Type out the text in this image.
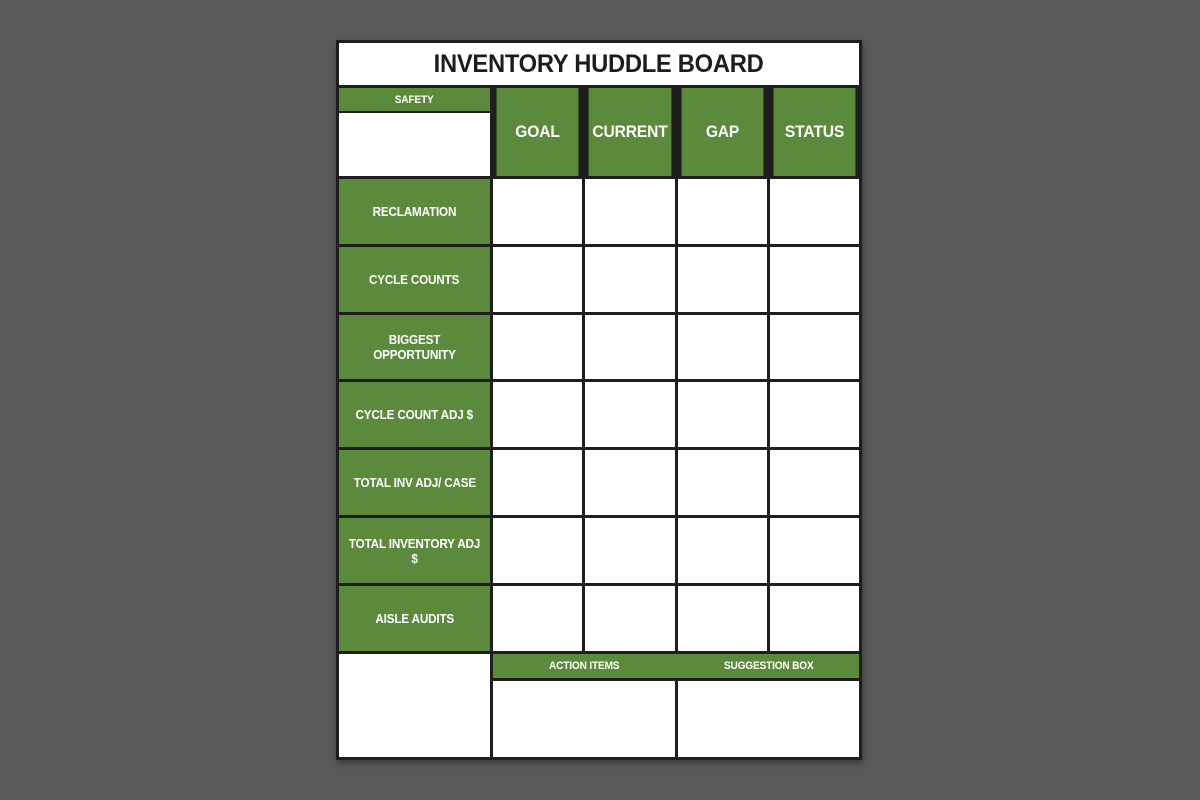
INVENTORY HUDDLE BOARD
SAFETY
GOAL CURRENT GAP	STATUS
RECLAMATION
CYCLE COUNTS
BIGGEST OPPORTUNITY
CYCLE COUNT ADJ $
TOTAL INV ADJ/ CASE
TOTAL INVENTORY ADJ $
AISLE AUDITS
ACTION ITEMS	SUGGESTION BOX
